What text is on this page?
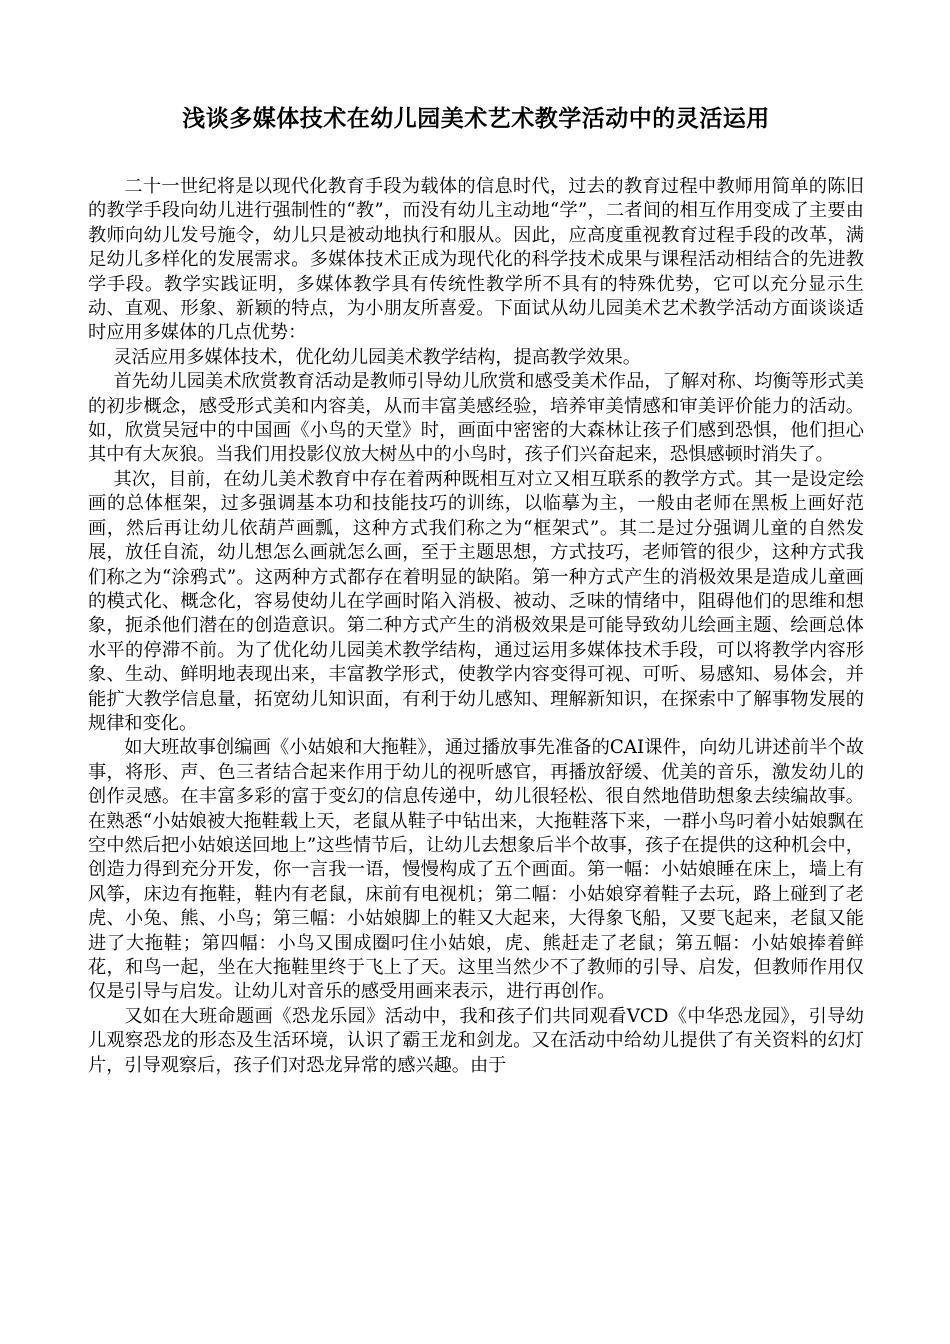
浅谈多媒体技术在幼儿园美术艺术教学活动中的灵活运用

二十一世纪将是以现代化教育手段为载体的信息时代，过去的教育过程中教师用简单的陈旧的教学手段向幼儿进行强制性的“教”，而没有幼儿主动地“学”，二者间的相互作用变成了主要由教师向幼儿发号施令，幼儿只是被动地执行和服从。因此，应高度重视教育过程手段的改革，满足幼儿多样化的发展需求。多媒体技术正成为现代化的科学技术成果与课程活动相结合的先进教学手段。教学实践证明，多媒体教学具有传统性教学所不具有的特殊优势，它可以充分显示生动、直观、形象、新颖的特点，为小朋友所喜爱。下面试从幼儿园美术艺术教学活动方面谈谈适时应用多媒体的几点优势：

灵活应用多媒体技术，优化幼儿园美术教学结构，提高教学效果。

首先幼儿园美术欣赏教育活动是教师引导幼儿欣赏和感受美术作品，了解对称、均衡等形式美的初步概念，感受形式美和内容美，从而丰富美感经验，培养审美情感和审美评价能力的活动。如，欣赏吴冠中的中国画《小鸟的天堂》时，画面中密密的大森林让孩子们感到恐惧，他们担心其中有大灰狼。当我们用投影仪放大树丛中的小鸟时，孩子们兴奋起来，恐惧感顿时消失了。

其次，目前，在幼儿美术教育中存在着两种既相互对立又相互联系的教学方式。其一是设定绘画的总体框架，过多强调基本功和技能技巧的训练，以临摹为主，一般由老师在黑板上画好范画，然后再让幼儿依葫芦画瓢，这种方式我们称之为“框架式”。其二是过分强调儿童的自然发展，放任自流，幼儿想怎么画就怎么画，至于主题思想，方式技巧，老师管的很少，这种方式我们称之为“涂鸦式”。这两种方式都存在着明显的缺陷。第一种方式产生的消极效果是造成儿童画的模式化、概念化，容易使幼儿在学画时陷入消极、被动、乏味的情绪中，阻碍他们的思维和想象，扼杀他们潜在的创造意识。第二种方式产生的消极效果是可能导致幼儿绘画主题、绘画总体水平的停滞不前。为了优化幼儿园美术教学结构，通过运用多媒体技术手段，可以将教学内容形象、生动、鲜明地表现出来，丰富教学形式，使教学内容变得可视、可听、易感知、易体会，并能扩大教学信息量，拓宽幼儿知识面，有利于幼儿感知、理解新知识，在探索中了解事物发展的规律和变化。

如大班故事创编画《小姑娘和大拖鞋》，通过播放事先准备的CAI课件，向幼儿讲述前半个故事，将形、声、色三者结合起来作用于幼儿的视听感官，再播放舒缓、优美的音乐，激发幼儿的创作灵感。在丰富多彩的富于变幻的信息传递中，幼儿很轻松、很自然地借助想象去续编故事。在熟悉“小姑娘被大拖鞋载上天，老鼠从鞋子中钻出来，大拖鞋落下来，一群小鸟叼着小姑娘飘在空中然后把小姑娘送回地上”这些情节后，让幼儿去想象后半个故事，孩子在提供的这种机会中，创造力得到充分开发，你一言我一语，慢慢构成了五个画面。第一幅：小姑娘睡在床上，墙上有风筝，床边有拖鞋，鞋内有老鼠，床前有电视机；第二幅：小姑娘穿着鞋子去玩，路上碰到了老虎、小兔、熊、小鸟；第三幅：小姑娘脚上的鞋又大起来，大得象飞船，又要飞起来，老鼠又能进了大拖鞋；第四幅：小鸟又围成圈叼住小姑娘，虎、熊赶走了老鼠；第五幅：小姑娘捧着鲜花，和鸟一起，坐在大拖鞋里终于飞上了天。这里当然少不了教师的引导、启发，但教师作用仅仅是引导与启发。让幼儿对音乐的感受用画来表示，进行再创作。

又如在大班命题画《恐龙乐园》活动中，我和孩子们共同观看VCD《中华恐龙园》，引导幼儿观察恐龙的形态及生活环境，认识了霸王龙和剑龙。又在活动中给幼儿提供了有关资料的幻灯片，引导观察后，孩子们对恐龙异常的感兴趣。由于
